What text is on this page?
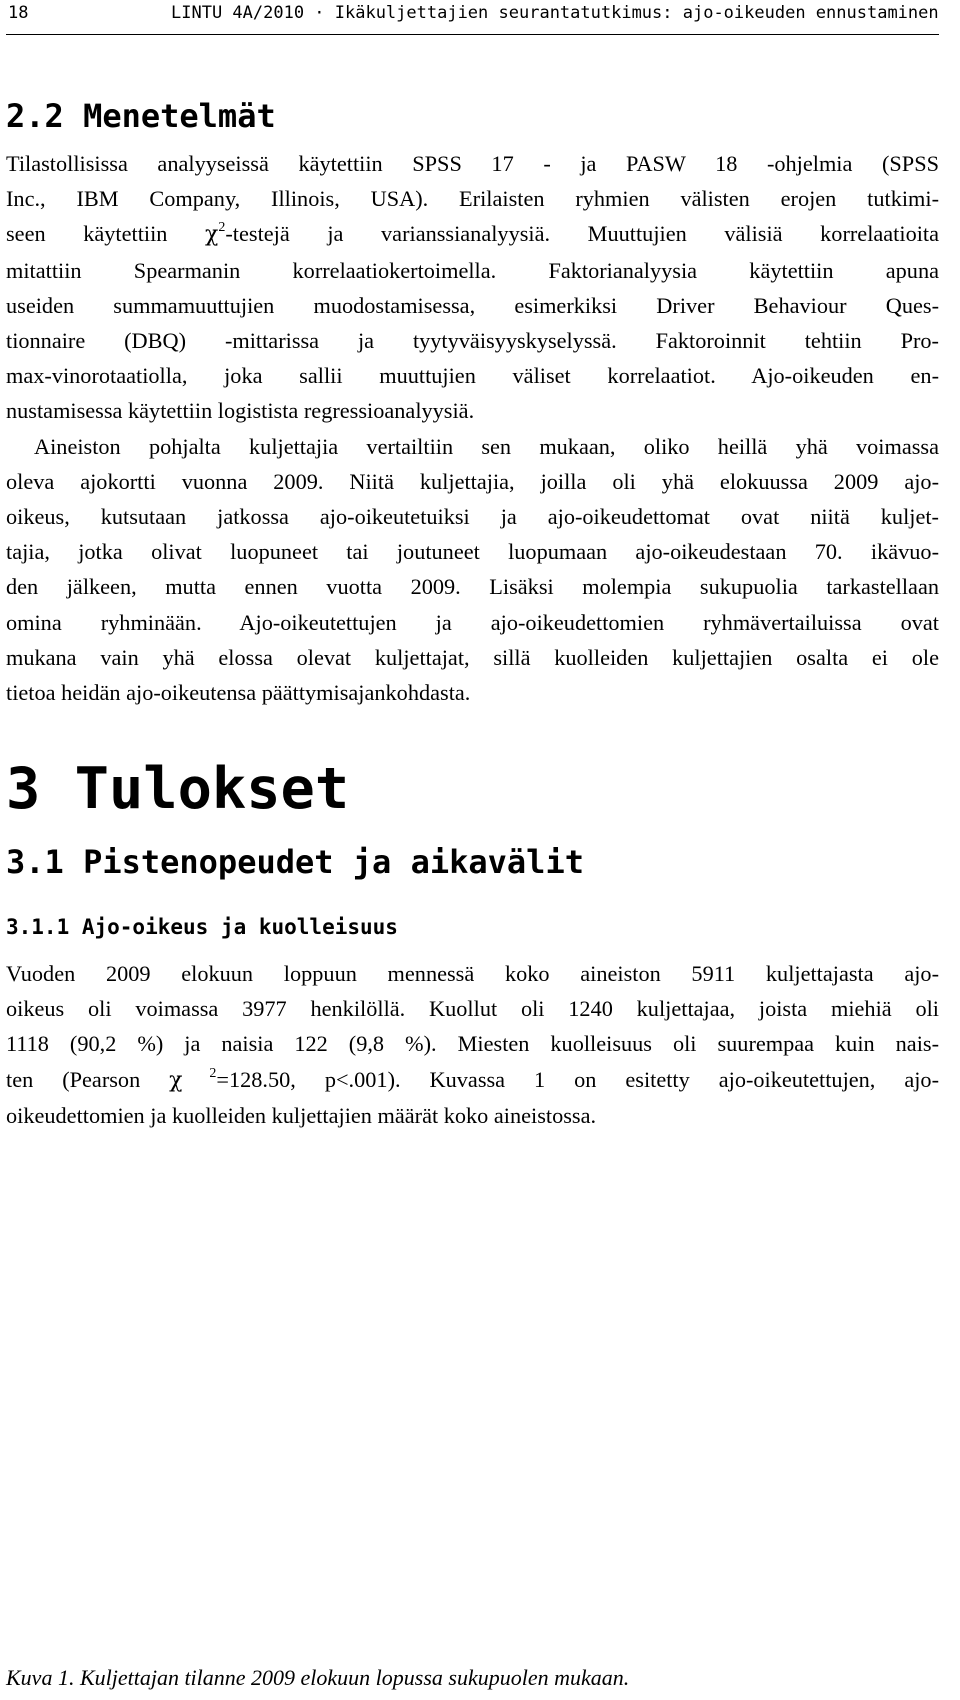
18	LINTU 4A/2010 · Ikäkuljettajien seurantatutkimus: ajo-oikeuden ennustaminen
2.2 Menetelmät
Tilastollisissa analyyseissä käytettiin SPSS 17 - ja PASW 18 -ohjelmia (SPSS
Inc., IBM Company, Illinois, USA). Erilaisten ryhmien välisten erojen tutkimi-
seen käytettiin $\chi^2$-testejä ja varianssianalyysiä. Muuttujien välisiä korrelaatioita
mitattiin Spearmanin korrelaatiokertoimella. Faktorianalyysia käytettiin apuna
useiden summamuuttujien muodostamisessa, esimerkiksi Driver Behaviour Ques-
tionnaire (DBQ) -mittarissa ja tyytyväisyyskyselyssä. Faktoroinnit tehtiin Pro-
max-vinorotaatiolla, joka sallii muuttujien väliset korrelaatiot. Ajo-oikeuden en-
nustamisessa käytettiin logistista regressioanalyysiä.
Aineiston pohjalta kuljettajia vertailtiin sen mukaan, oliko heillä yhä voimassa
oleva ajokortti vuonna 2009. Niitä kuljettajia, joilla oli yhä elokuussa 2009 ajo-
oikeus, kutsutaan jatkossa ajo-oikeutetuiksi ja ajo-oikeudettomat ovat niitä kuljet-
tajia, jotka olivat luopuneet tai joutuneet luopumaan ajo-oikeudestaan 70. ikävuo-
den jälkeen, mutta ennen vuotta 2009. Lisäksi molempia sukupuolia tarkastellaan
omina ryhminään. Ajo-oikeutettujen ja ajo-oikeudettomien ryhmävertailuissa ovat
mukana vain yhä elossa olevat kuljettajat, sillä kuolleiden kuljettajien osalta ei ole
tietoa heidän ajo-oikeutensa päättymisajankohdasta.
3 Tulokset
3.1 Pistenopeudet ja aikavälit
3.1.1 Ajo-oikeus ja kuolleisuus
Vuoden 2009 elokuun loppuun mennessä koko aineiston 5911 kuljettajasta ajo-
oikeus oli voimassa 3977 henkilöllä. Kuollut oli 1240 kuljettajaa, joista miehiä oli
1118 (90,2 %) ja naisia 122 (9,8 %). Miesten kuolleisuus oli suurempaa kuin nais-
ten (Pearson χ $^2$=128.50, p<.001). Kuvassa 1 on esitetty ajo-oikeutettujen, ajo-
oikeudettomien ja kuolleiden kuljettajien määrät koko aineistossa.

Kuva 1. Kuljettajan tilanne 2009 elokuun lopussa sukupuolen mukaan.
